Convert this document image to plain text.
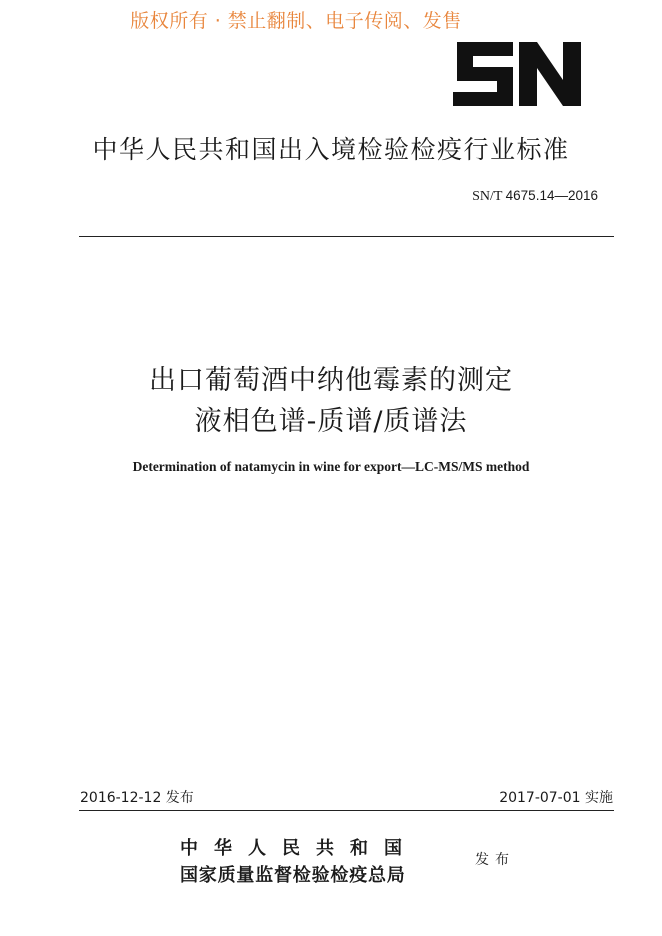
版权所有 · 禁止翻制、电子传阅、发售
中华人民共和国出入境检验检疫行业标准
SN/T 4675.14—2016
出口葡萄酒中纳他霉素的测定
液相色谱-质谱/质谱法
Determination of natamycin in wine for export—LC-MS/MS method
2016-12-12 发布	2017-07-01 实施
中华人民共和国
国家质量监督检验检疫总局
发布
